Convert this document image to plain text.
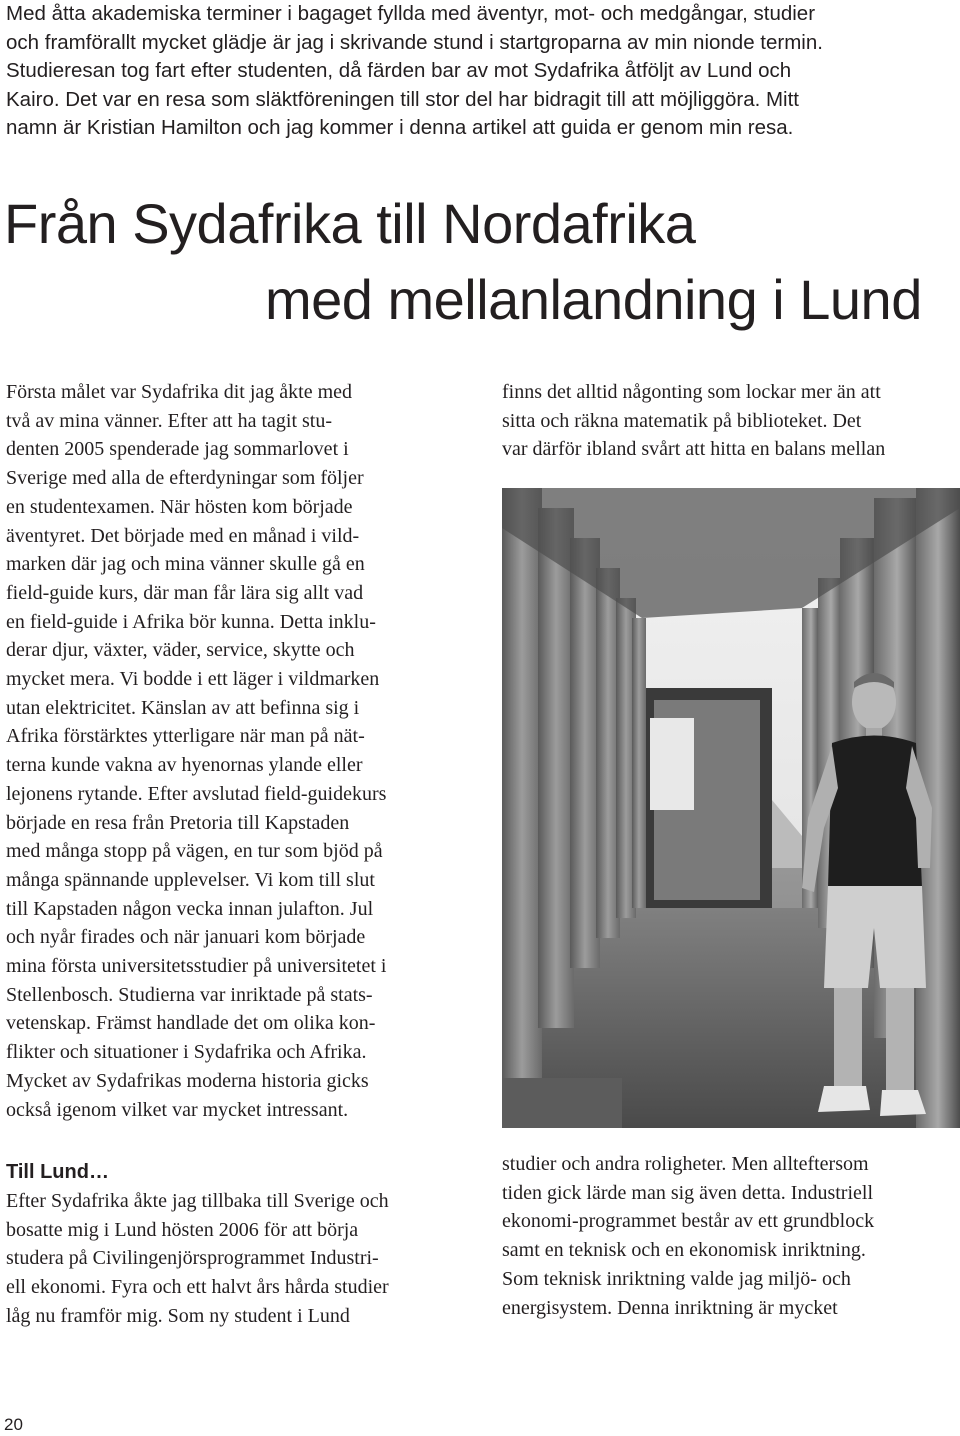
Med åtta akademiska terminer i bagaget fyllda med äventyr, mot- och medgångar, studier

och framförallt mycket glädje är jag i skrivande stund i startgroparna av min nionde termin.

Studieresan tog fart efter studenten, då färden bar av mot Sydafrika åtföljt av Lund och

Kairo. Det var en resa som släktföreningen till stor del har bidragit till att möjliggöra. Mitt

namn är Kristian Hamilton och jag kommer i denna artikel att guida er genom min resa.

Från Sydafrika till Nordafrika
med mellanlandning i Lund

Första målet var Sydafrika dit jag åkte med

två av mina vänner. Efter att ha tagit stu-

denten 2005 spenderade jag sommarlovet i

Sverige med alla de efterdyningar som följer

en studentexamen. När hösten kom började

äventyret. Det började med en månad i vild-

marken där jag och mina vänner skulle gå en

field-guide kurs, där man får lära sig allt vad

en field-guide i Afrika bör kunna. Detta inklu-

derar djur, växter, väder, service, skytte och

mycket mera. Vi bodde i ett läger i vildmarken

utan elektricitet. Känslan av att befinna sig i

Afrika förstärktes ytterligare när man på nät-

terna kunde vakna av hyenornas ylande eller

lejonens rytande. Efter avslutad field-guidekurs

började en resa från Pretoria till Kapstaden

med många stopp på vägen, en tur som bjöd på

många spännande upplevelser. Vi kom till slut

till Kapstaden någon vecka innan julafton. Jul

och nyår firades och när januari kom började

mina första universitetsstudier på universitetet i

Stellenbosch. Studierna var inriktade på stats-

vetenskap. Främst handlade det om olika kon-

flikter och situationer i Sydafrika och Afrika.

Mycket av Sydafrikas moderna historia gicks

också igenom vilket var mycket intressant.

Till Lund…

Efter Sydafrika åkte jag tillbaka till Sverige och

bosatte mig i Lund hösten 2006 för att börja

studera på Civilingenjörsprogrammet Industri-

ell ekonomi. Fyra och ett halvt års hårda studier

låg nu framför mig. Som ny student i Lund

finns det alltid någonting som lockar mer än att

sitta och räkna matematik på biblioteket. Det

var därför ibland svårt att hitta en balans mellan

studier och andra roligheter. Men allteftersom

tiden gick lärde man sig även detta. Industriell

ekonomi-programmet består av ett grundblock

samt en teknisk och en ekonomisk inriktning.

Som teknisk inriktning valde jag miljö- och

energisystem. Denna inriktning är mycket

20
